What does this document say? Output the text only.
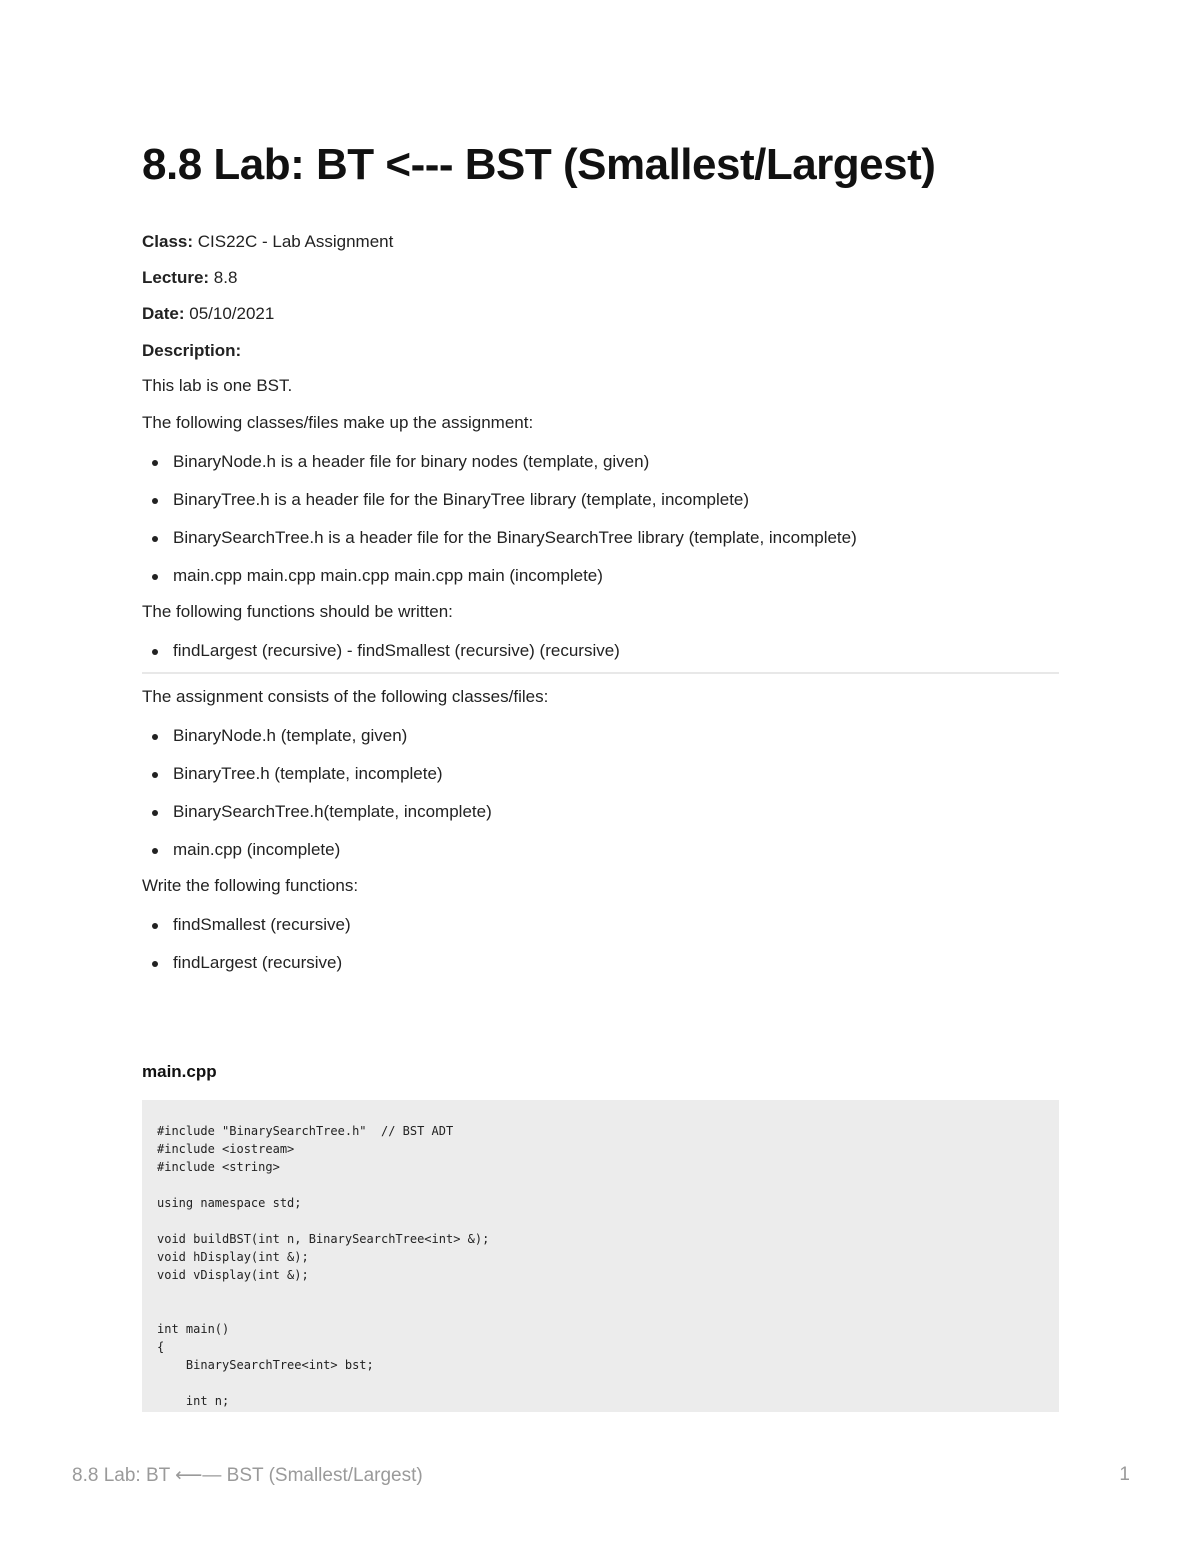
8.8 Lab: BT <--- BST (Smallest/Largest)
Class: CIS22C - Lab Assignment
Lecture: 8.8
Date: 05/10/2021
Description:
This lab is one BST.
The following classes/files make up the assignment:
BinaryNode.h is a header file for binary nodes (template, given)
BinaryTree.h is a header file for the BinaryTree library (template, incomplete)
BinarySearchTree.h is a header file for the BinarySearchTree library (template, incomplete)
main.cpp main.cpp main.cpp main.cpp main (incomplete)
The following functions should be written:
findLargest (recursive) - findSmallest (recursive) (recursive)
The assignment consists of the following classes/files:
BinaryNode.h (template, given)
BinaryTree.h (template, incomplete)
BinarySearchTree.h(template, incomplete)
main.cpp (incomplete)
Write the following functions:
findSmallest (recursive)
findLargest (recursive)
main.cpp
#include "BinarySearchTree.h"  // BST ADT
#include <iostream>
#include <string>

using namespace std;

void buildBST(int n, BinarySearchTree<int> &);
void hDisplay(int &);
void vDisplay(int &);

int main()
{
BinarySearchTree<int> bst;

int n;
8.8 Lab: BT ⟵— BST (Smallest/Largest)	1
